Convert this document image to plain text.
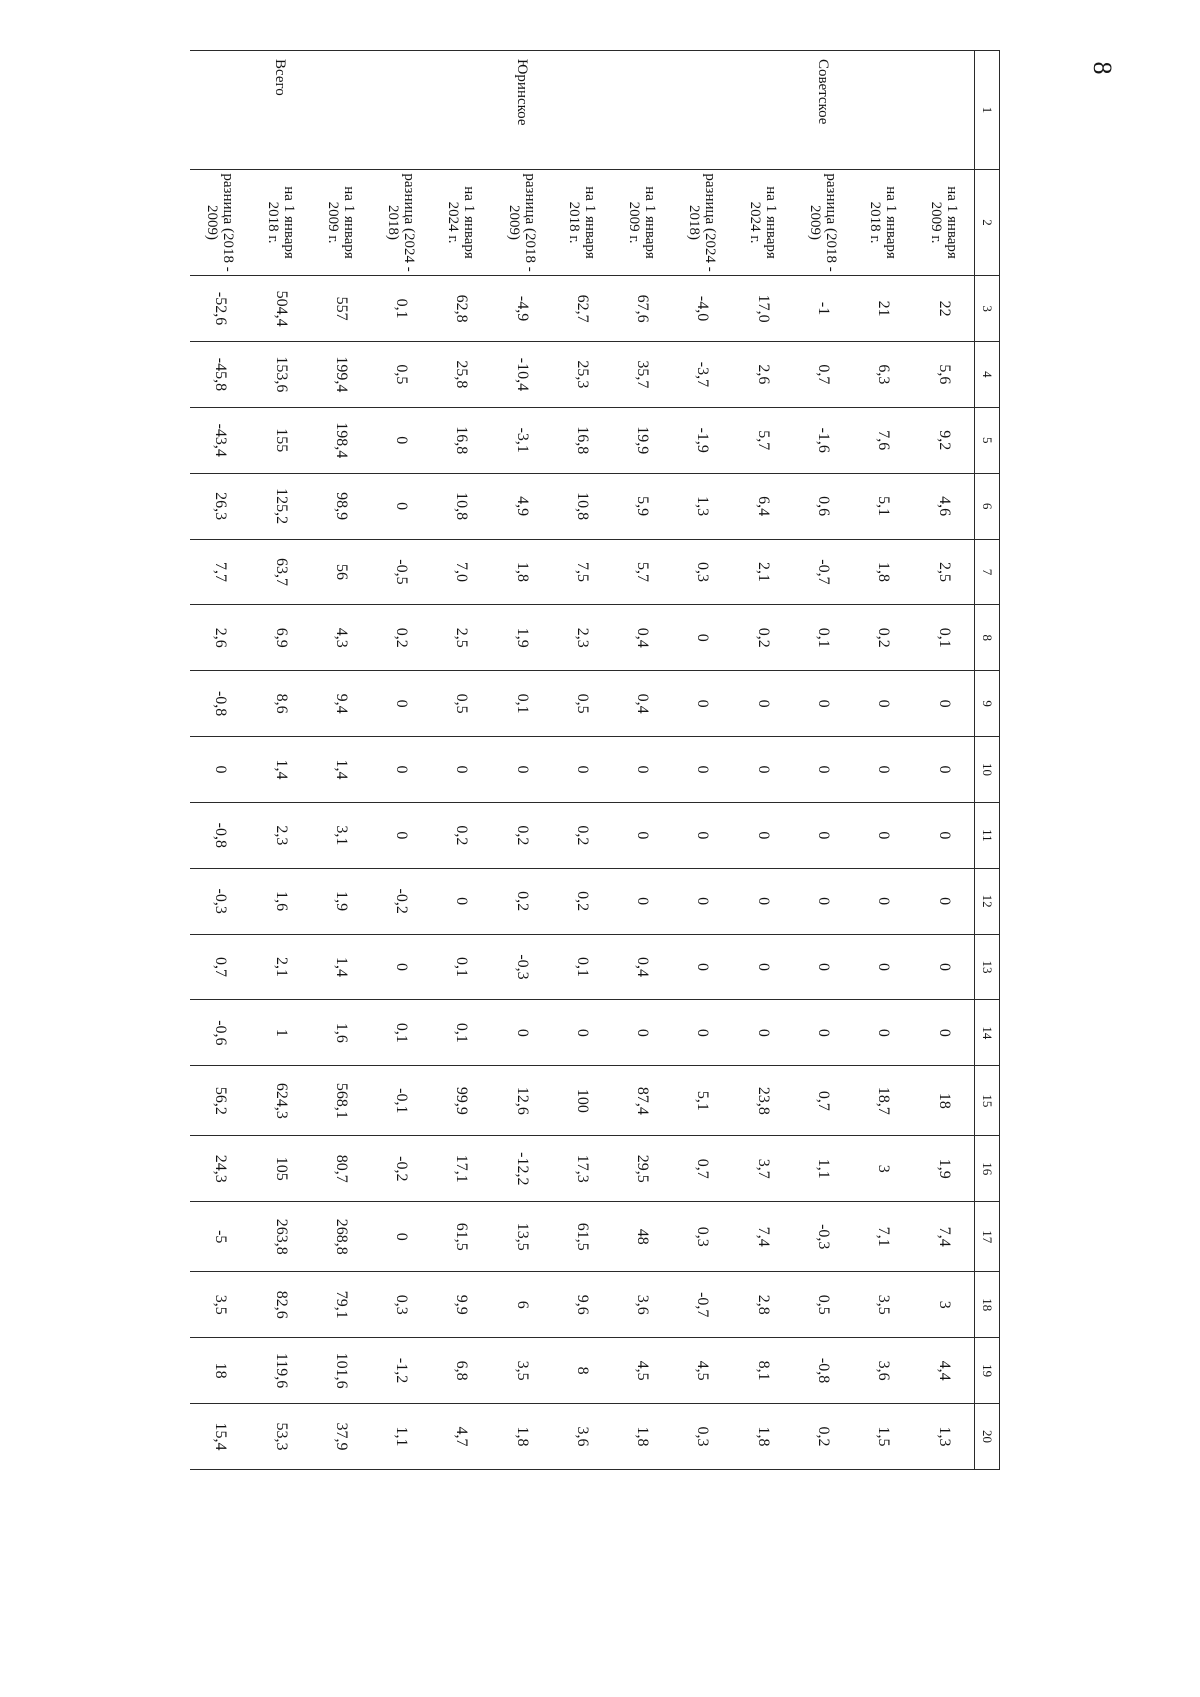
8
1	2	3	4	5	6	7	8	9	10	11	12	13	14	15	16	17	18	19	20
Советское	на 1 января 2009 г.	22	5,6	9,2	4,6	2,5	0,1	0	0	0	0	0	0	18	1,9	7,4	3	4,4	1,3
	на 1 января 2018 г.	21	6,3	7,6	5,1	1,8	0,2	0	0	0	0	0	0	18,7	3	7,1	3,5	3,6	1,5
	разница (2018 - 2009)	-1	0,7	-1,6	0,6	-0,7	0,1	0	0	0	0	0	0	0,7	1,1	-0,3	0,5	-0,8	0,2
	на 1 января 2024 г.	17,0	2,6	5,7	6,4	2,1	0,2	0	0	0	0	0	0	23,8	3,7	7,4	2,8	8,1	1,8
	разница (2024 - 2018)	-4,0	-3,7	-1,9	1,3	0,3	0	0	0	0	0	0	0	5,1	0,7	0,3	-0,7	4,5	0,3
Юринское	на 1 января 2009 г.	67,6	35,7	19,9	5,9	5,7	0,4	0,4	0	0	0	0,4	0	87,4	29,5	48	3,6	4,5	1,8
	на 1 января 2018 г.	62,7	25,3	16,8	10,8	7,5	2,3	0,5	0	0,2	0,2	0,1	0	100	17,3	61,5	9,6	8	3,6
	разница (2018 - 2009)	-4,9	-10,4	-3,1	4,9	1,8	1,9	0,1	0	0,2	0,2	-0,3	0	12,6	-12,2	13,5	6	3,5	1,8
	на 1 января 2024 г.	62,8	25,8	16,8	10,8	7,0	2,5	0,5	0	0,2	0	0,1	0,1	99,9	17,1	61,5	9,9	6,8	4,7
	разница (2024 - 2018)	0,1	0,5	0	0	-0,5	0,2	0	0	0	-0,2	0	0,1	-0,1	-0,2	0	0,3	-1,2	1,1
Всего	на 1 января 2009 г.	557	199,4	198,4	98,9	56	4,3	9,4	1,4	3,1	1,9	1,4	1,6	568,1	80,7	268,8	79,1	101,6	37,9
	на 1 января 2018 г.	504,4	153,6	155	125,2	63,7	6,9	8,6	1,4	2,3	1,6	2,1	1	624,3	105	263,8	82,6	119,6	53,3
	разница (2018 - 2009)	-52,6	-45,8	-43,4	26,3	7,7	2,6	-0,8	0	-0,8	-0,3	0,7	-0,6	56,2	24,3	-5	3,5	18	15,4
